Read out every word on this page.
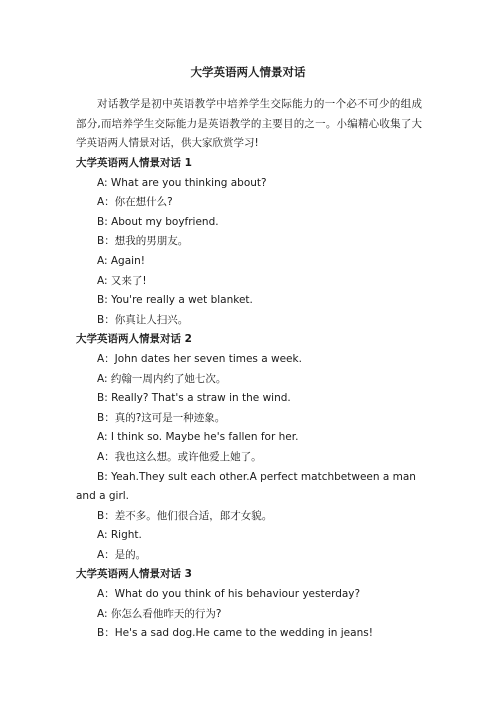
大学英语两人情景对话
对话教学是初中英语教学中培养学生交际能力的一个必不可少的组成部分,而培养学生交际能力是英语教学的主要目的之一。小编精心收集了大学英语两人情景对话，供大家欣赏学习!
大学英语两人情景对话 1
A: What are you thinking about?
A：你在想什么?
B: About my boyfriend.
B：想我的男朋友。
A: Again!
A: 又来了!
B: You're really a wet blanket.
B：你真让人扫兴。
大学英语两人情景对话 2
A：John dates her seven times a week.
A: 约翰一周内约了她七次。
B: Really? That's a straw in the wind.
B：真的?这可是一种迹象。
A: I think so. Maybe he's fallen for her.
A：我也这么想。或许他爱上她了。
B: Yeah.They sult each other.A perfect matchbetween a man and a girl.
B：差不多。他们很合适，郎才女貌。
A: Right.
A：是的。
大学英语两人情景对话 3
A：What do you think of his behaviour yesterday?
A: 你怎么看他昨天的行为?
B：He's a sad dog.He came to the wedding in jeans!
